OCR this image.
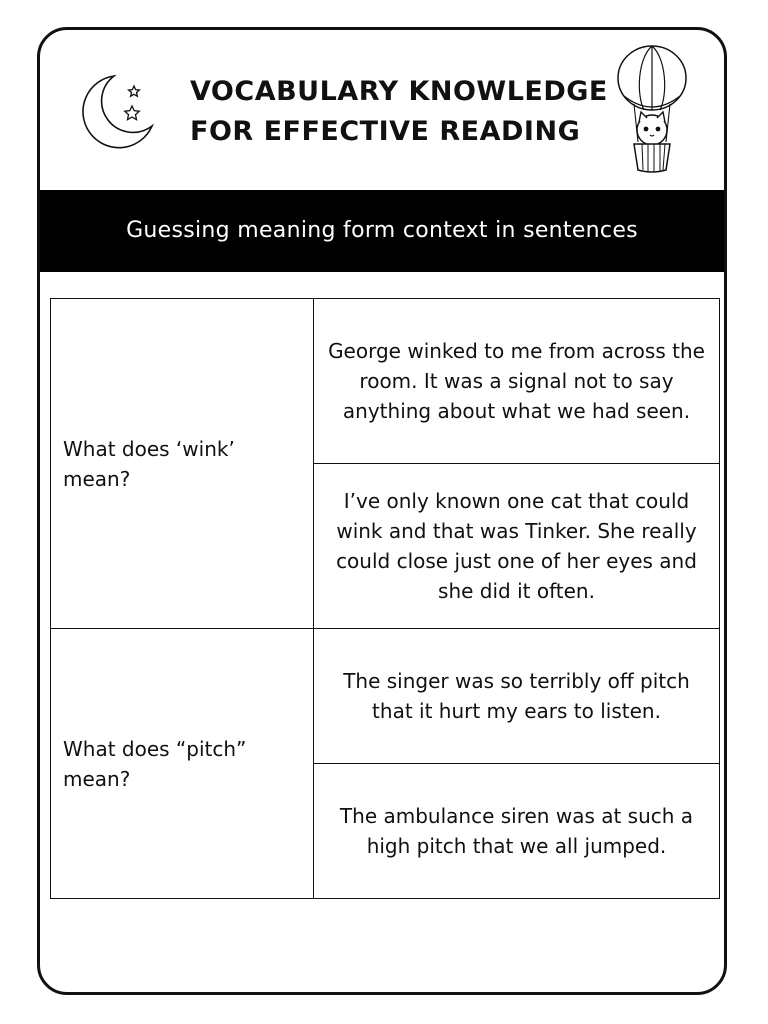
VOCABULARY KNOWLEDGE
FOR EFFECTIVE READING
Guessing meaning form context in sentences
What does ‘wink’ mean?	George winked to me from across the room. It was a signal not to say anything about what we had seen.
	I’ve only known one cat that could wink and that was Tinker. She really could close just one of her eyes and she did it often.
What does “pitch” mean?	The singer was so terribly off pitch that it hurt my ears to listen.
	The ambulance siren was at such a high pitch that we all jumped.
